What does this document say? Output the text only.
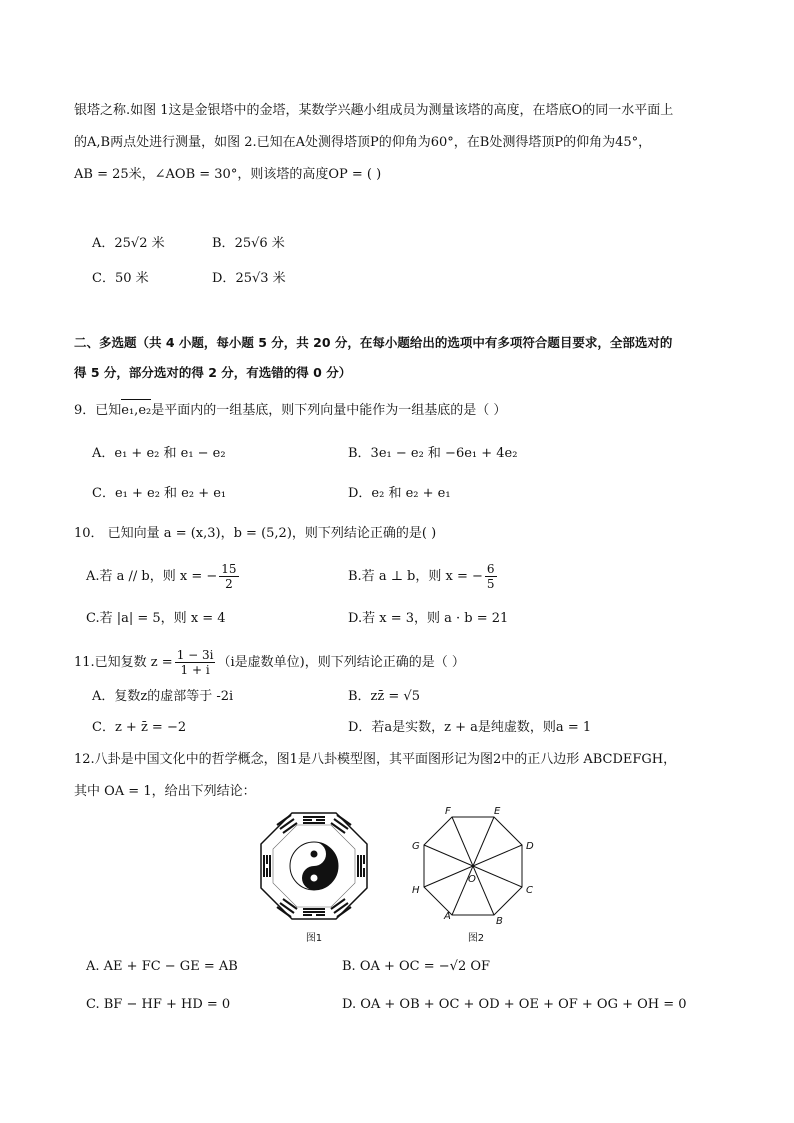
银塔之称.如图 1这是金银塔中的金塔，某数学兴趣小组成员为测量该塔的高度，在塔底O的同一水平面上
的A,B两点处进行测量，如图 2.已知在A处测得塔顶P的仰角为60°，在B处测得塔顶P的仰角为45°，
AB = 25米，∠AOB = 30°，则该塔的高度OP = ( )
A．25√2 米	B．25√6 米
C．50 米	D．25√3 米
二、多选题（共 4 小题，每小题 5 分，共 20 分，在每小题给出的选项中有多项符合题目要求，全部选对的
得 5 分，部分选对的得 2 分，有选错的得 0 分）
9．已知e₁,e₂是平面内的一组基底，则下列向量中能作为一组基底的是（ ）
A．e₁ + e₂ 和 e₁ − e₂	B．3e₁ − e₂ 和 −6e₁ + 4e₂
C．e₁ + e₂ 和 e₂ + e₁	D．e₂ 和 e₂ + e₁
10． 已知向量 a = (x,3)，b = (5,2)，则下列结论正确的是( )
A.若 a // b，则 x = − $\frac{15}{2}$	B.若 a ⊥ b，则 x = − $\frac{6}{5}$
C.若 |a| = 5，则 x = 4	D.若 x = 3，则 a · b = 21
11.已知复数 $z = \frac{1 - 3i}{1 + i} (i$是虚数单位)，则下列结论正确的是（ ）
A．复数z的虚部等于 -2i	B．zz̄ = √5
C．z + z̄ = −2	D．若a是实数，z + a是纯虚数，则a = 1
12.八卦是中国文化中的哲学概念，图1是八卦模型图，其平面图形记为图2中的正八边形 ABCDEFGH，
其中 OA = 1，给出下列结论：
图1
A	B
C
D
E
F
G
H
O
图2
A. AE + FC − GE = AB	B. OA + OC = −√2 OF
C. BF − HF + HD = 0	D. OA + OB + OC + OD + OE + OF + OG + OH = 0
